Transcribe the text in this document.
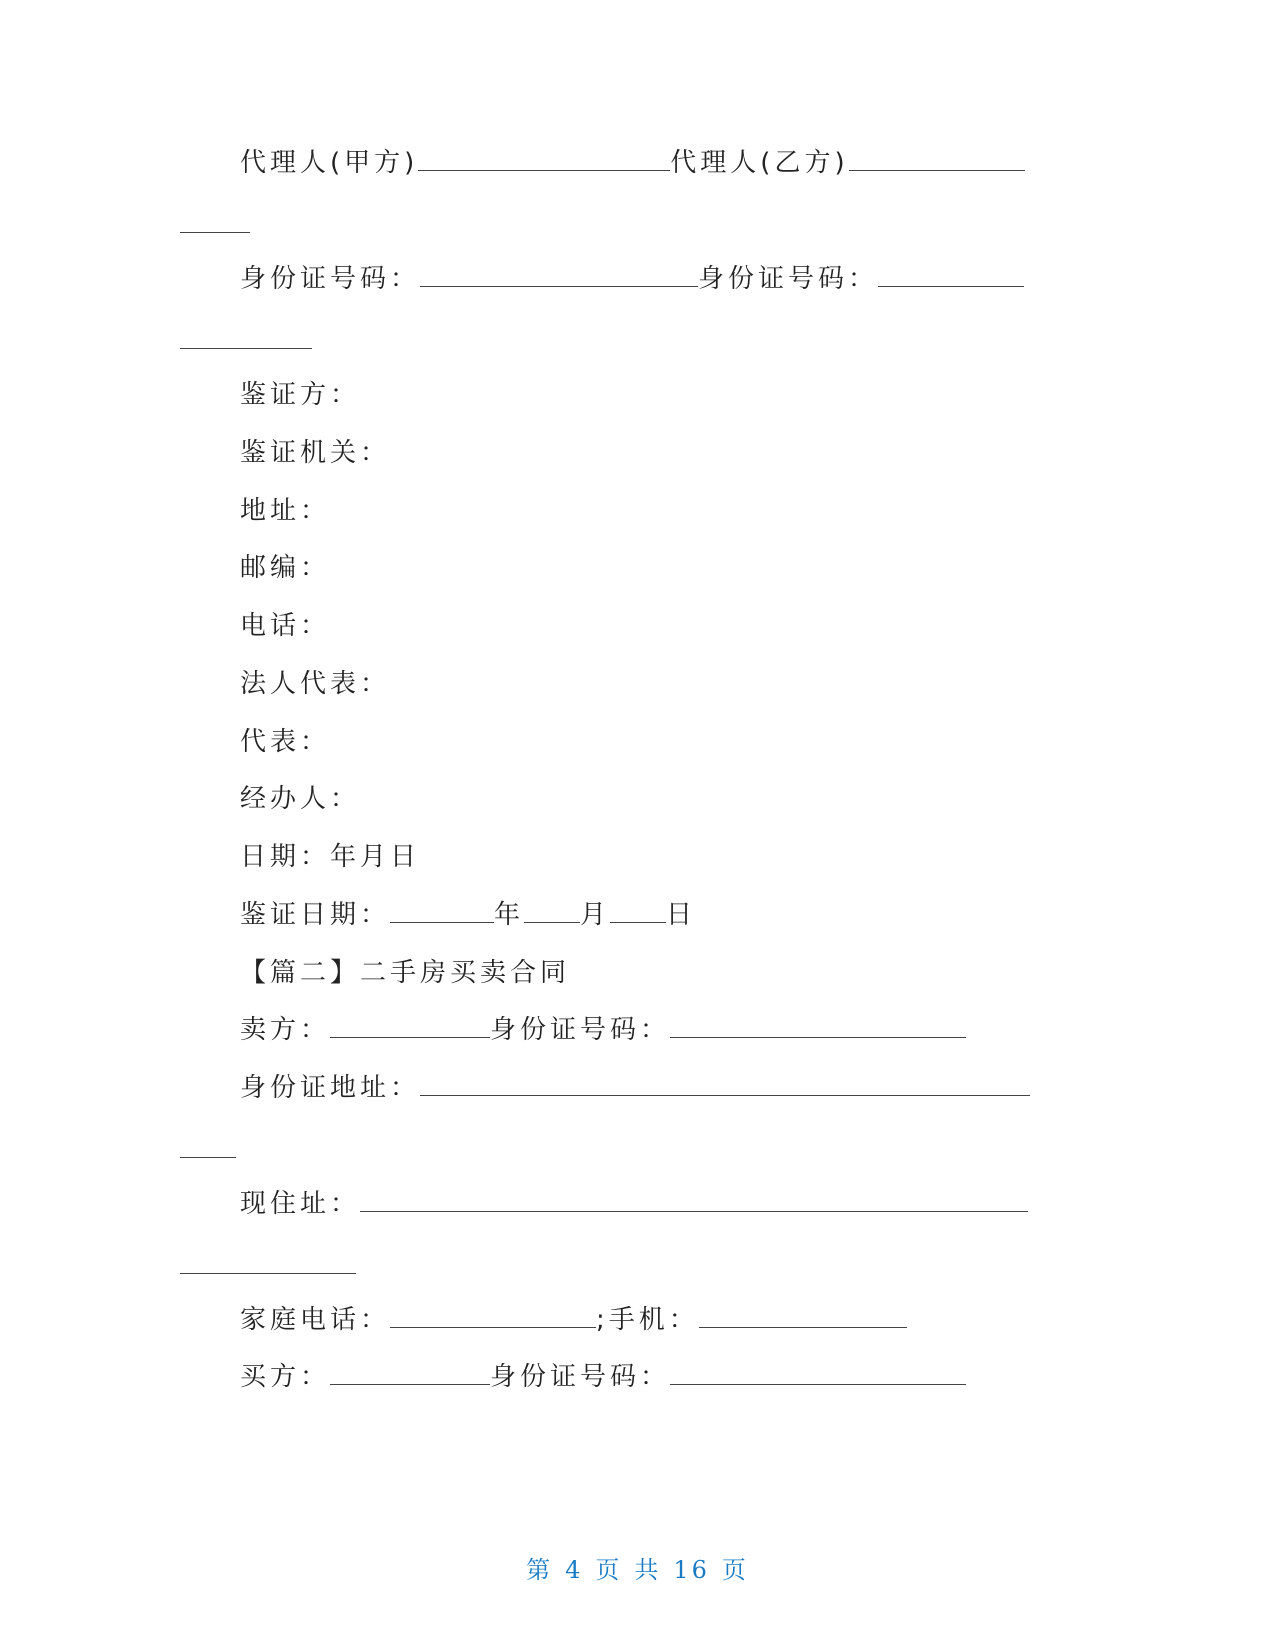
代理人(甲方)	代理人(乙方)
身份证号码：	身份证号码：
鉴证方：
鉴证机关：
地址：
邮编：
电话：
法人代表：
代表：
经办人：
日期：年月日
鉴证日期：	年 月 日
【篇二】二手房买卖合同
卖方：	身份证号码：
身份证地址：
现住址：
家庭电话：	;手机：
买方：	身份证号码：
第 4 页 共 16 页
